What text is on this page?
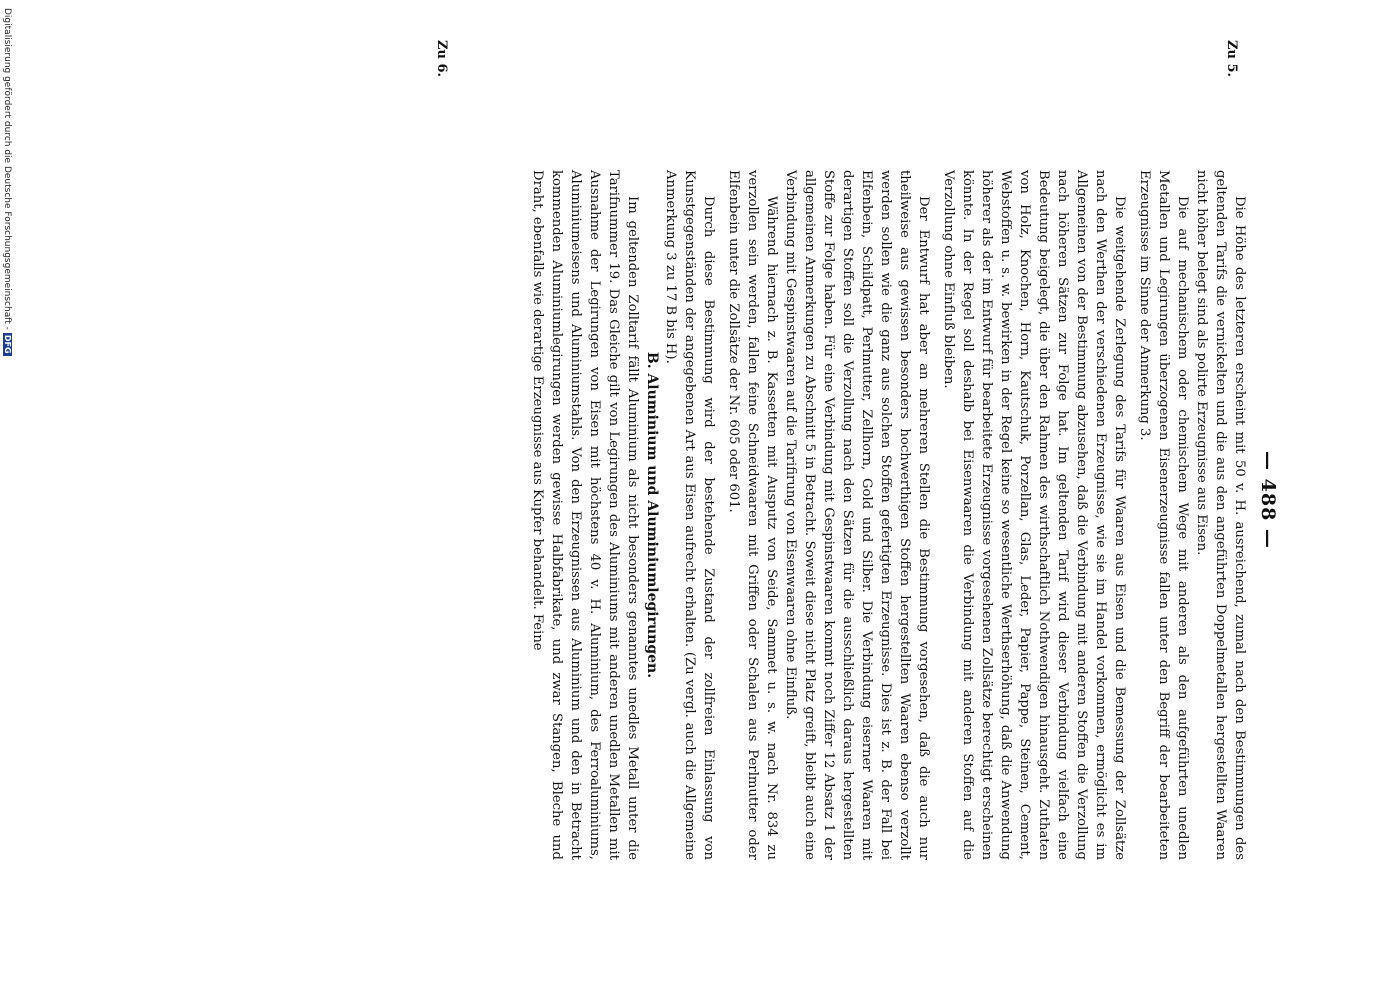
— 488 —
Zu 5.
Zu 6.

Die Höhe des letzteren erscheint mit 50 v. H. ausreichend, zumal nach den Bestimmungen des geltenden Tarifs die vernickelten und die aus den angeführten Doppelmetallen hergestellten Waaren nicht höher belegt sind als polirte Erzeugnisse aus Eisen.

Die auf mechanischem oder chemischem Wege mit anderen als den aufgeführten unedlen Metallen und Legirungen überzogenen Eisenerzeugnisse fallen unter den Begriff der bearbeiteten Erzeugnisse im Sinne der Anmerkung 3.

Die weitgehende Zerlegung des Tarifs für Waaren aus Eisen und die Bemessung der Zollsätze nach den Werthen der verschiedenen Erzeugnisse, wie sie im Handel vorkommen, ermöglicht es im Allgemeinen von der Bestimmung abzusehen, daß die Verbindung mit anderen Stoffen die Verzollung nach höheren Sätzen zur Folge hat. Im geltenden Tarif wird dieser Verbindung vielfach eine Bedeutung beigelegt, die über den Rahmen des wirthschaftlich Nothwendigen hinausgeht. Zuthaten von Holz, Knochen, Horn, Kautschuk, Porzellan, Glas, Leder, Papier, Pappe, Steinen, Cement, Webstoffen u. s. w. bewirken in der Regel keine so wesentliche Werthserhöhung, daß die Anwendung höherer als der im Entwurf für bearbeitete Erzeugnisse vorgesehenen Zollsätze berechtigt erscheinen könnte. In der Regel soll deshalb bei Eisenwaaren die Verbindung mit anderen Stoffen auf die Verzollung ohne Einfluß bleiben.

Der Entwurf hat aber an mehreren Stellen die Bestimmung vorgesehen, daß die auch nur theilweise aus gewissen besonders hochwerthigen Stoffen hergestellten Waaren ebenso verzollt werden sollen wie die ganz aus solchen Stoffen gefertigten Erzeugnisse. Dies ist z. B. der Fall bei Elfenbein, Schildpatt, Perlmutter, Zellhorn, Gold und Silber. Die Verbindung eiserner Waaren mit derartigen Stoffen soll die Verzollung nach den Sätzen für die ausschließlich daraus hergestellten Stoffe zur Folge haben. Für eine Verbindung mit Gespinstwaaren kommt noch Ziffer 12 Absatz 1 der allgemeinen Anmerkungen zu Abschnitt 5 in Betracht. Soweit diese nicht Platz greift, bleibt auch eine Verbindung mit Gespinstwaaren auf die Tarifirung von Eisenwaaren ohne Einfluß.

Während hiernach z. B. Kassetten mit Ausputz von Seide, Sammet u. s. w. nach Nr. 834 zu verzollen sein werden, fallen feine Schneidwaaren mit Griffen oder Schalen aus Perlmutter oder Elfenbein unter die Zollsätze der Nr. 605 oder 601.

Durch diese Bestimmung wird der bestehende Zustand der zollfreien Einlassung von Kunstgegenständen der angegebenen Art aus Eisen aufrecht erhalten. (Zu vergl. auch die Allgemeine Anmerkung 3 zu 17 B bis H).

B. Aluminium und Aluminiumlegirungen.

Im geltenden Zolltarif fällt Aluminium als nicht besonders genanntes unedles Metall unter die Tarifnummer 19. Das Gleiche gilt von Legirungen des Aluminiums mit anderen unedlen Metallen mit Ausnahme der Legirungen von Eisen mit höchstens 40 v. H. Aluminium, des Ferroaluminiums, Aluminiumeisens und Aluminiumstahls. Von den Erzeugnissen aus Aluminium und den in Betracht kommenden Aluminiumlegirungen werden gewisse Halbfabrikate, und zwar Stangen, Bleche und Draht, ebenfalls wie derartige Erzeugnisse aus Kupfer behandelt. Feine

Digitalisierung gefördert durch die Deutsche Forschungsgemeinschaft -DFG
